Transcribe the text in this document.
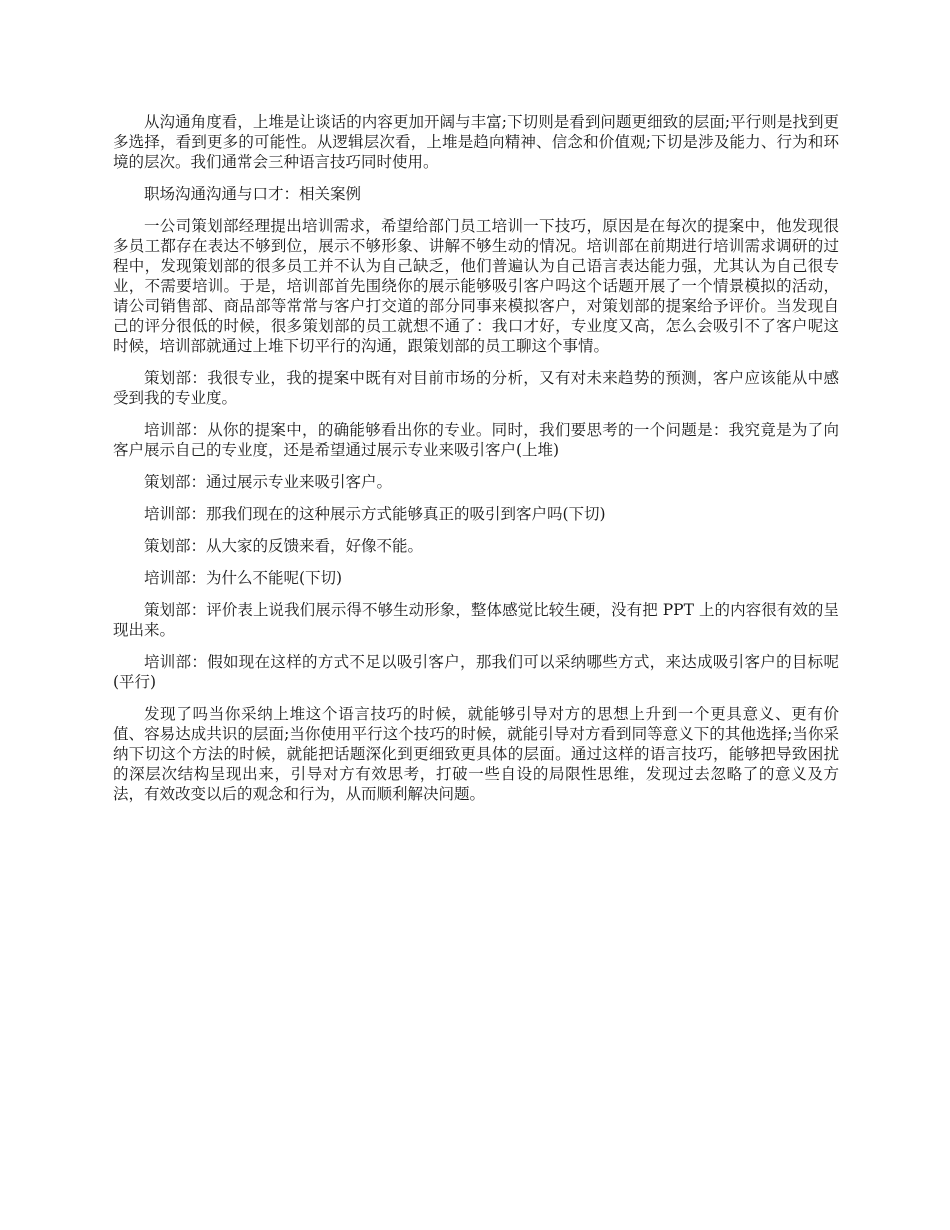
从沟通角度看，上堆是让谈话的内容更加开阔与丰富;下切则是看到问题更细致的层面;平行则是找到更多选择，看到更多的可能性。从逻辑层次看，上堆是趋向精神、信念和价值观;下切是涉及能力、行为和环境的层次。我们通常会三种语言技巧同时使用。

职场沟通沟通与口才：相关案例

一公司策划部经理提出培训需求，希望给部门员工培训一下技巧，原因是在每次的提案中，他发现很多员工都存在表达不够到位，展示不够形象、讲解不够生动的情况。培训部在前期进行培训需求调研的过程中，发现策划部的很多员工并不认为自己缺乏，他们普遍认为自己语言表达能力强，尤其认为自己很专业，不需要培训。于是，培训部首先围绕你的展示能够吸引客户吗这个话题开展了一个情景模拟的活动，请公司销售部、商品部等常常与客户打交道的部分同事来模拟客户，对策划部的提案给予评价。当发现自己的评分很低的时候，很多策划部的员工就想不通了：我口才好，专业度又高，怎么会吸引不了客户呢这时候，培训部就通过上堆下切平行的沟通，跟策划部的员工聊这个事情。

策划部：我很专业，我的提案中既有对目前市场的分析，又有对未来趋势的预测，客户应该能从中感受到我的专业度。

培训部：从你的提案中，的确能够看出你的专业。同时，我们要思考的一个问题是：我究竟是为了向客户展示自己的专业度，还是希望通过展示专业来吸引客户(上堆)

策划部：通过展示专业来吸引客户。

培训部：那我们现在的这种展示方式能够真正的吸引到客户吗(下切)

策划部：从大家的反馈来看，好像不能。

培训部：为什么不能呢(下切)

策划部：评价表上说我们展示得不够生动形象，整体感觉比较生硬，没有把 PPT 上的内容很有效的呈现出来。

培训部：假如现在这样的方式不足以吸引客户，那我们可以采纳哪些方式，来达成吸引客户的目标呢(平行)

发现了吗当你采纳上堆这个语言技巧的时候，就能够引导对方的思想上升到一个更具意义、更有价值、容易达成共识的层面;当你使用平行这个技巧的时候，就能引导对方看到同等意义下的其他选择;当你采纳下切这个方法的时候，就能把话题深化到更细致更具体的层面。通过这样的语言技巧，能够把导致困扰的深层次结构呈现出来，引导对方有效思考，打破一些自设的局限性思维，发现过去忽略了的意义及方法，有效改变以后的观念和行为，从而顺利解决问题。
